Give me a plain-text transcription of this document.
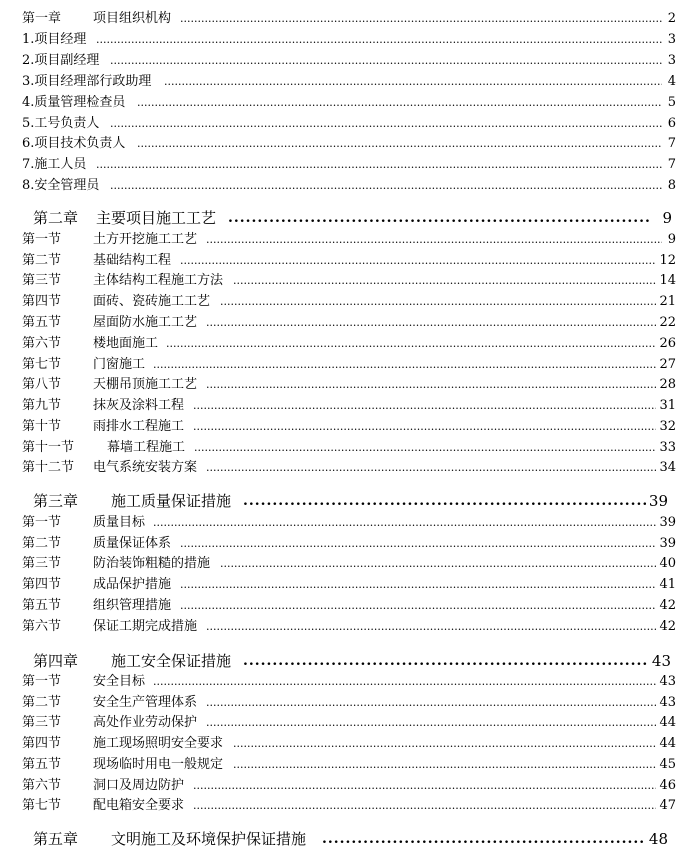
第一章 项目组织机构 .....	2
1.项目经理 .....	3
2.项目副经理 .....	3
3.项目经理部行政助理 .....	4
4.质量管理检查员 .....	5
5.工号负责人 .....	6
6.项目技术负责人 .....	7
7.施工人员 .....	7
8.安全管理员 .....	8
第二章 主要项目施工工艺 .....	9
第一节 土方开挖施工工艺 .....	9
第二节 基础结构工程 .....	12
第三节 主体结构工程施工方法 .....	14
第四节 面砖、瓷砖施工工艺 .....	21
第五节 屋面防水施工工艺 .....	22
第六节 楼地面施工 .....	26
第七节 门窗施工 .....	27
第八节 天棚吊顶施工工艺 .....	28
第九节 抹灰及涂料工程 .....	31
第十节 雨排水工程施工 .....	32
第十一节	幕墙工程施工 .....	33
第十二节 电气系统安装方案 .....	34
第三章 施工质量保证措施 .....	39
第一节 质量目标 .....	39
第二节 质量保证体系 .....	39
第三节 防治装饰粗糙的措施 .....	40
第四节 成品保护措施 .....	41
第五节 组织管理措施 .....	42
第六节 保证工期完成措施 .....	42
第四章 施工安全保证措施 .....	43
第一节 安全目标 .....	43
第二节 安全生产管理体系 .....	43
第三节 高处作业劳动保护 .....	44
第四节 施工现场照明安全要求 .....	44
第五节 现场临时用电一般规定 .....	45
第六节 洞口及周边防护 .....	46
第七节 配电箱安全要求 .....	47
第五章 文明施工及环境保护保证措施 .....	48
